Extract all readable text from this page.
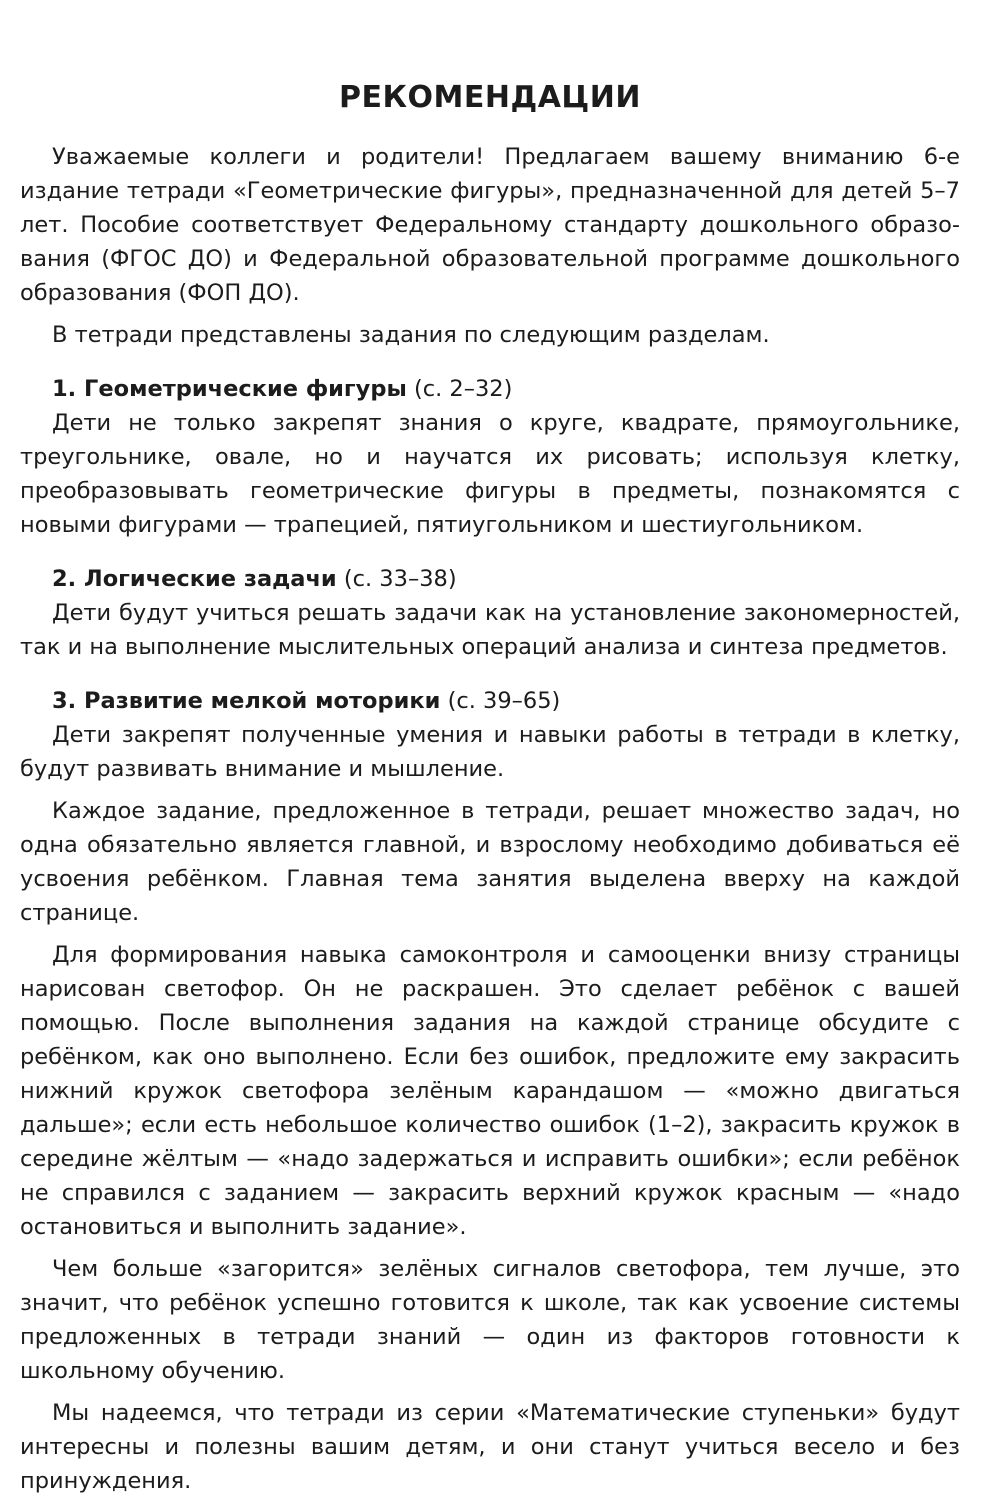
РЕКОМЕНДАЦИИ

Уважаемые коллеги и родители! Предлагаем вашему вниманию 6-е издание тетради «Геометрические фигуры», предназначенной для детей 5–7 лет. Пособие соответствует Федеральному стандарту дошкольного образования (ФГОС ДО) и Федеральной образовательной программе дошкольного образования (ФОП ДО).

В тетради представлены задания по следующим разделам.

1. Геометрические фигуры (с. 2–32)

Дети не только закрепят знания о круге, квадрате, прямоугольнике, треугольнике, овале, но и научатся их рисовать; используя клетку, преобразовывать геометрические фигуры в предметы, познакомятся с новыми фигурами — трапецией, пятиугольником и шестиугольником.

2. Логические задачи (с. 33–38)

Дети будут учиться решать задачи как на установление закономерностей, так и на выполнение мыслительных операций анализа и синтеза предметов.

3. Развитие мелкой моторики (с. 39–65)

Дети закрепят полученные умения и навыки работы в тетради в клетку, будут развивать внимание и мышление.

Каждое задание, предложенное в тетради, решает множество задач, но одна обязательно является главной, и взрослому необходимо добиваться её усвоения ребёнком. Главная тема занятия выделена вверху на каждой странице.

Для формирования навыка самоконтроля и самооценки внизу страницы нарисован светофор. Он не раскрашен. Это сделает ребёнок с вашей помощью. После выполнения задания на каждой странице обсудите с ребёнком, как оно выполнено. Если без ошибок, предложите ему закрасить нижний кружок светофора зелёным карандашом — «можно двигаться дальше»; если есть небольшое количество ошибок (1–2), закрасить кружок в середине жёлтым — «надо задержаться и исправить ошибки»; если ребёнок не справился с заданием — закрасить верхний кружок красным — «надо остановиться и выполнить задание».

Чем больше «загорится» зелёных сигналов светофора, тем лучше, это значит, что ребёнок успешно готовится к школе, так как усвоение системы предложенных в тетради знаний — один из факторов готовности к школьному обучению.

Мы надеемся, что тетради из серии «Математические ступеньки» будут интересны и полезны вашим детям, и они станут учиться весело и без принуждения.
